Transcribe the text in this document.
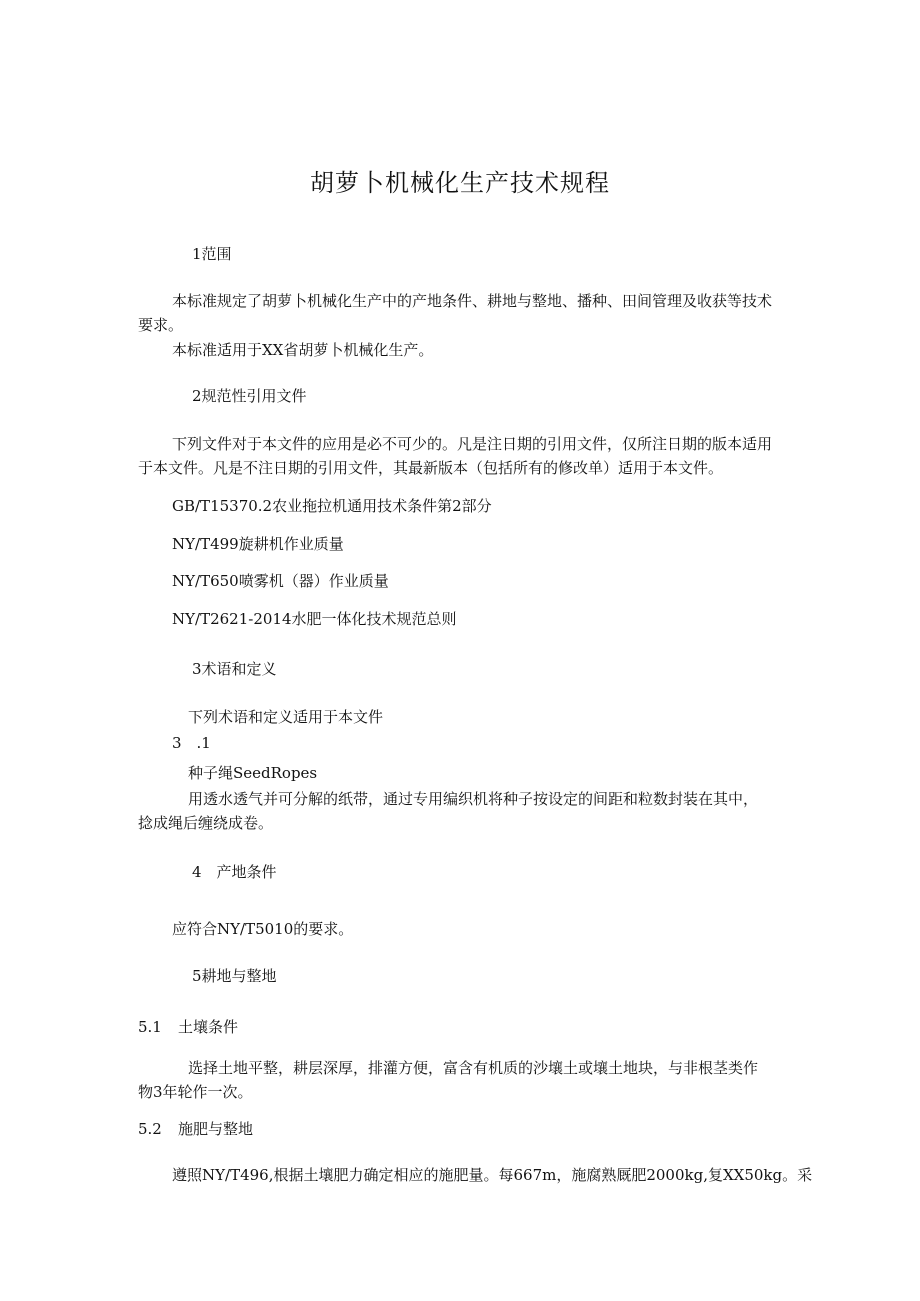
胡萝卜机械化生产技术规程
1范围
本标准规定了胡萝卜机械化生产中的产地条件、耕地与整地、播种、田间管理及收获等技术
要求。
本标准适用于XX省胡萝卜机械化生产。
2规范性引用文件
下列文件对于本文件的应用是必不可少的。凡是注日期的引用文件，仅所注日期的版本适用
于本文件。凡是不注日期的引用文件，其最新版本（包括所有的修改单）适用于本文件。
GB/T15370.2农业拖拉机通用技术条件第2部分
NY/T499旋耕机作业质量
NY/T650喷雾机（器）作业质量
NY/T2621-2014水肥一体化技术规范总则
3术语和定义
下列术语和定义适用于本文件
3　.1
种子绳SeedRopes
用透水透气并可分解的纸带，通过专用编织机将种子按设定的间距和粒数封装在其中，
捻成绳后缠绕成卷。
4　产地条件
应符合NY/T5010的要求。
5耕地与整地
5.1 土壤条件
选择土地平整，耕层深厚，排灌方便，富含有机质的沙壤土或壤土地块，与非根茎类作
物3年轮作一次。
5.2 施肥与整地
遵照NY/T496,根据土壤肥力确定相应的施肥量。每667m，施腐熟厩肥2000kg,复XX50kg。采
